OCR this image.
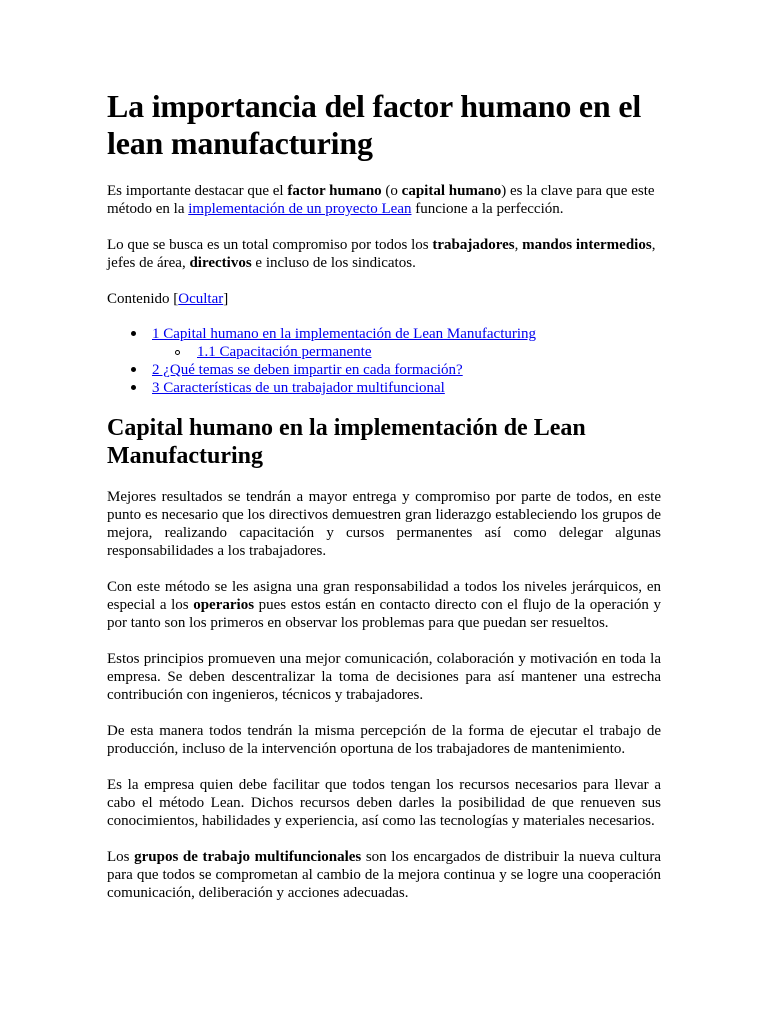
La importancia del factor humano en el lean manufacturing

Es importante destacar que el factor humano (o capital humano) es la clave para que este método en la implementación de un proyecto Lean funcione a la perfección.

Lo que se busca es un total compromiso por todos los trabajadores, mandos intermedios, jefes de área, directivos e incluso de los sindicatos.

Contenido [Ocultar]

1 Capital humano en la implementación de Lean Manufacturing
1.1 Capacitación permanente
2 ¿Qué temas se deben impartir en cada formación?
3 Características de un trabajador multifuncional
Capital humano en la implementación de Lean Manufacturing

Mejores resultados se tendrán a mayor entrega y compromiso por parte de todos, en este punto es necesario que los directivos demuestren gran liderazgo estableciendo los grupos de mejora, realizando capacitación y cursos permanentes así como delegar algunas responsabilidades a los trabajadores.

Con este método se les asigna una gran responsabilidad a todos los niveles jerárquicos, en especial a los operarios pues estos están en contacto directo con el flujo de la operación y por tanto son los primeros en observar los problemas para que puedan ser resueltos.

Estos principios promueven una mejor comunicación, colaboración y motivación en toda la empresa. Se deben descentralizar la toma de decisiones para así mantener una estrecha contribución con ingenieros, técnicos y trabajadores.

De esta manera todos tendrán la misma percepción de la forma de ejecutar el trabajo de producción, incluso de la intervención oportuna de los trabajadores de mantenimiento.

Es la empresa quien debe facilitar que todos tengan los recursos necesarios para llevar a cabo el método Lean. Dichos recursos deben darles la posibilidad de que renueven sus conocimientos, habilidades y experiencia, así como las tecnologías y materiales necesarios.

Los grupos de trabajo multifuncionales son los encargados de distribuir la nueva cultura para que todos se comprometan al cambio de la mejora continua y se logre una cooperación comunicación, deliberación y acciones adecuadas.
